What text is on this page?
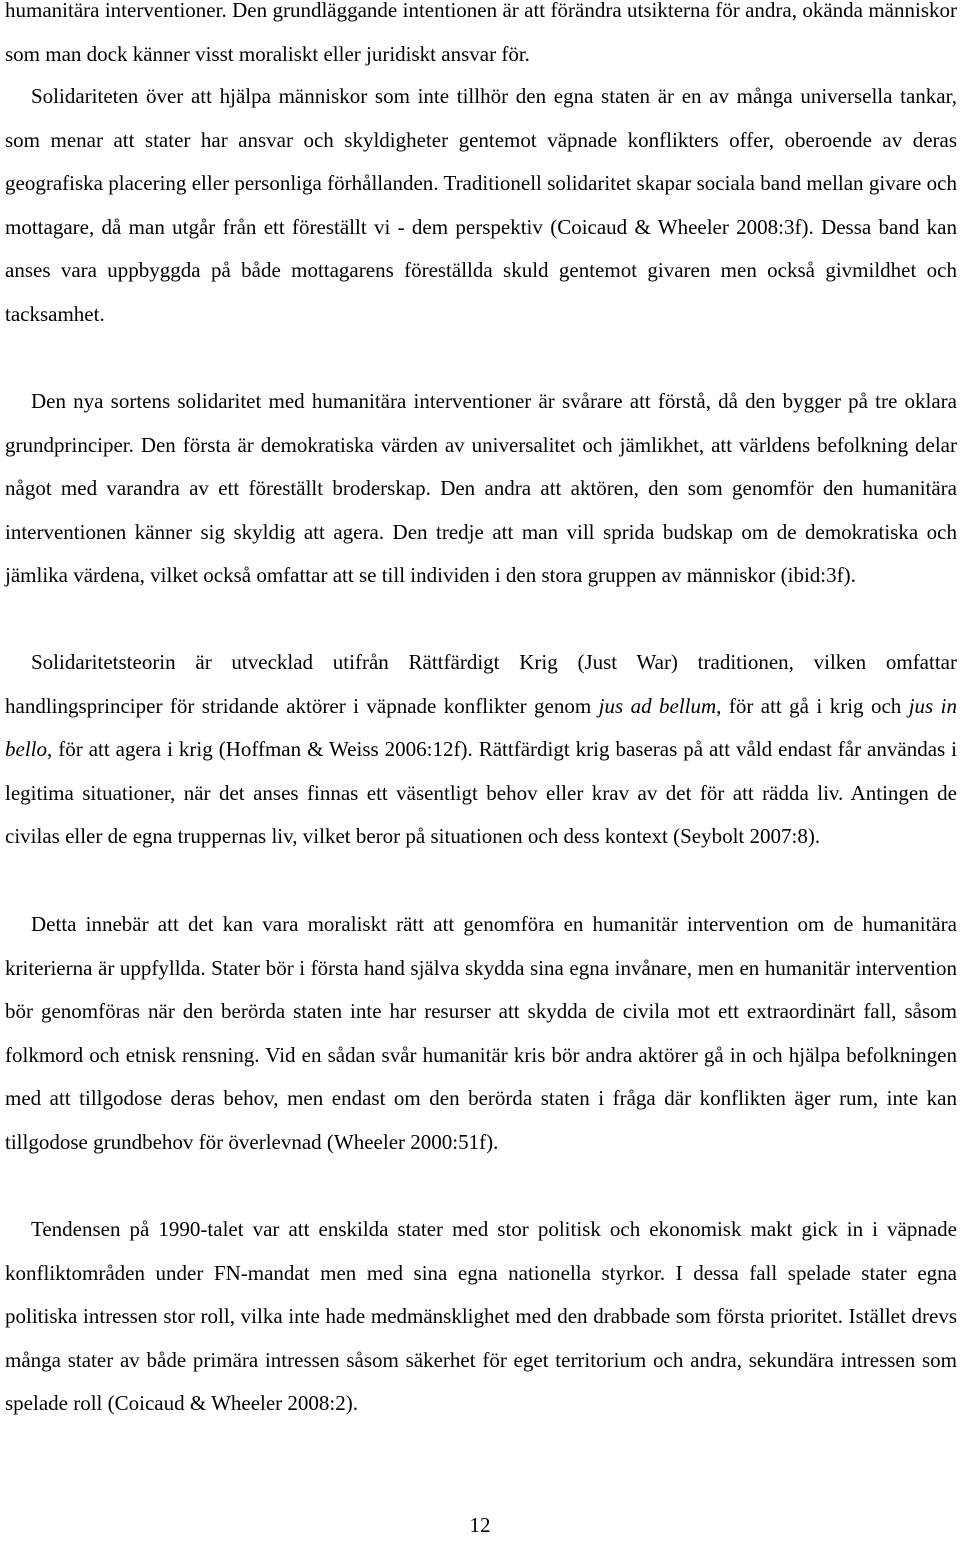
humanitära interventioner. Den grundläggande intentionen är att förändra utsikterna för andra, okända människor som man dock känner visst moraliskt eller juridiskt ansvar för.

Solidariteten över att hjälpa människor som inte tillhör den egna staten är en av många universella tankar, som menar att stater har ansvar och skyldigheter gentemot väpnade konflikters offer, oberoende av deras geografiska placering eller personliga förhållanden. Traditionell solidaritet skapar sociala band mellan givare och mottagare, då man utgår från ett föreställt vi - dem perspektiv (Coicaud & Wheeler 2008:3f). Dessa band kan anses vara uppbyggda på både mottagarens föreställda skuld gentemot givaren men också givmildhet och tacksamhet.

Den nya sortens solidaritet med humanitära interventioner är svårare att förstå, då den bygger på tre oklara grundprinciper. Den första är demokratiska värden av universalitet och jämlikhet, att världens befolkning delar något med varandra av ett föreställt broderskap. Den andra att aktören, den som genomför den humanitära interventionen känner sig skyldig att agera. Den tredje att man vill sprida budskap om de demokratiska och jämlika värdena, vilket också omfattar att se till individen i den stora gruppen av människor (ibid:3f).

Solidaritetsteorin är utvecklad utifrån Rättfärdigt Krig (Just War) traditionen, vilken omfattar handlingsprinciper för stridande aktörer i väpnade konflikter genom jus ad bellum, för att gå i krig och jus in bello, för att agera i krig (Hoffman & Weiss 2006:12f). Rättfärdigt krig baseras på att våld endast får användas i legitima situationer, när det anses finnas ett väsentligt behov eller krav av det för att rädda liv. Antingen de civilas eller de egna truppernas liv, vilket beror på situationen och dess kontext (Seybolt 2007:8).

Detta innebär att det kan vara moraliskt rätt att genomföra en humanitär intervention om de humanitära kriterierna är uppfyllda. Stater bör i första hand själva skydda sina egna invånare, men en humanitär intervention bör genomföras när den berörda staten inte har resurser att skydda de civila mot ett extraordinärt fall, såsom folkmord och etnisk rensning. Vid en sådan svår humanitär kris bör andra aktörer gå in och hjälpa befolkningen med att tillgodose deras behov, men endast om den berörda staten i fråga där konflikten äger rum, inte kan tillgodose grundbehov för överlevnad (Wheeler 2000:51f).

Tendensen på 1990-talet var att enskilda stater med stor politisk och ekonomisk makt gick in i väpnade konfliktområden under FN-mandat men med sina egna nationella styrkor. I dessa fall spelade stater egna politiska intressen stor roll, vilka inte hade medmänsklighet med den drabbade som första prioritet. Istället drevs många stater av både primära intressen såsom säkerhet för eget territorium och andra, sekundära intressen som spelade roll (Coicaud & Wheeler 2008:2).

12
